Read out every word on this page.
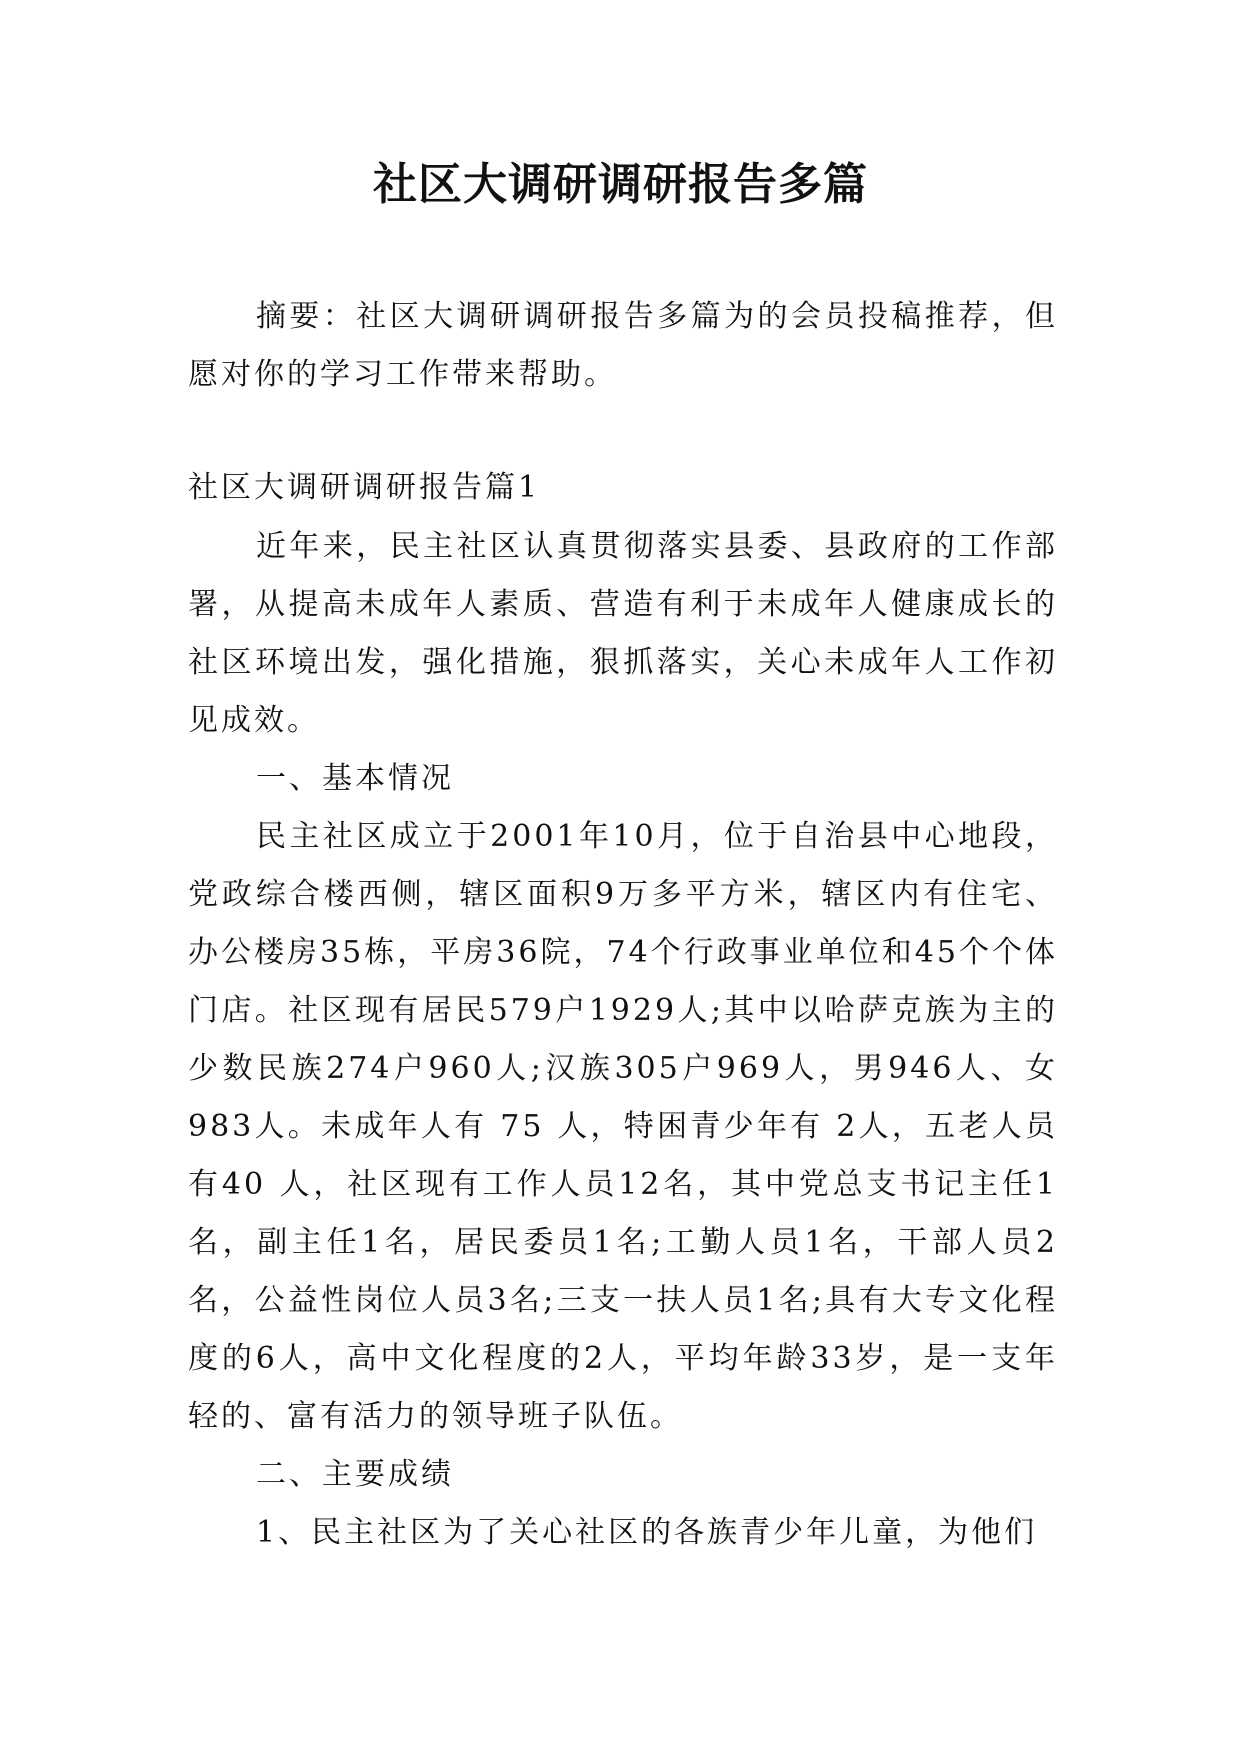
社区大调研调研报告多篇

摘要：社区大调研调研报告多篇为的会员投稿推荐，但愿对你的学习工作带来帮助。

社区大调研调研报告篇1

近年来，民主社区认真贯彻落实县委、县政府的工作部署，从提高未成年人素质、营造有利于未成年人健康成长的社区环境出发，强化措施，狠抓落实，关心未成年人工作初见成效。

一、基本情况

民主社区成立于2001年10月，位于自治县中心地段，党政综合楼西侧，辖区面积9万多平方米，辖区内有住宅、办公楼房35栋，平房36院，74个行政事业单位和45个个体门店。社区现有居民579户1929人;其中以哈萨克族为主的少数民族274户960人;汉族305户969人，男946人、女983人。未成年人有 75 人，特困青少年有 2人，五老人员有40 人，社区现有工作人员12名，其中党总支书记主任1名，副主任1名，居民委员1名;工勤人员1名，干部人员2名，公益性岗位人员3名;三支一扶人员1名;具有大专文化程度的6人，高中文化程度的2人，平均年龄33岁，是一支年轻的、富有活力的领导班子队伍。

二、主要成绩

1、民主社区为了关心社区的各族青少年儿童，为他们
